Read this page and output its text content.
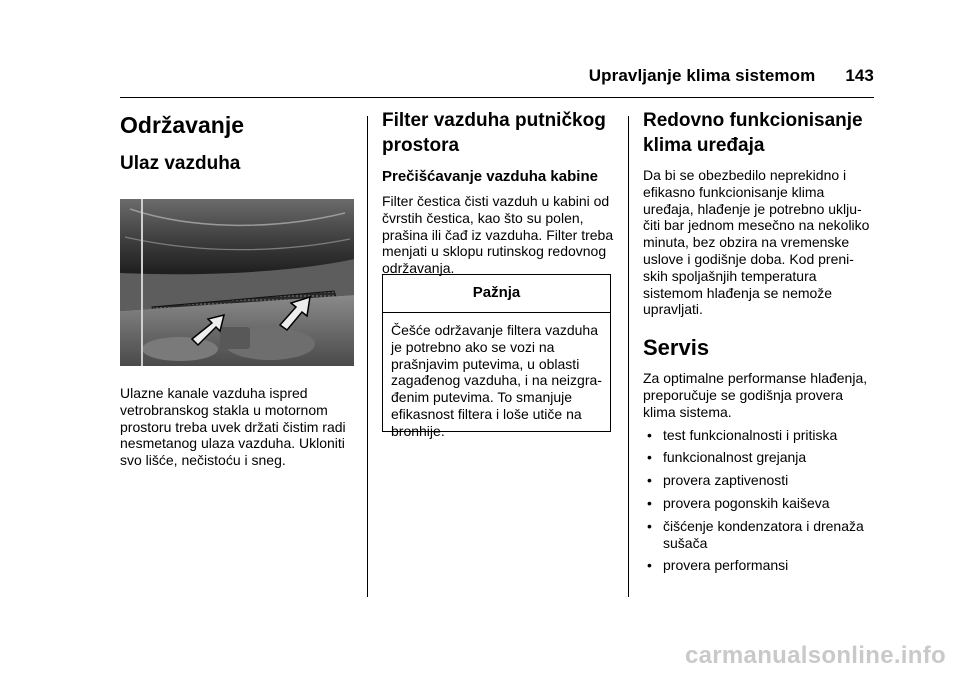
Upravljanje klima sistemom 143
Održavanje
Ulaz vazduha

Ulazne kanale vazduha ispred vetrobranskog stakla u motornom prostoru treba uvek držati čistim radi nesmetanog ulaza vazduha. Ukloniti svo lišće, nečistoću i sneg.

Filter vazduha putničkog
prostora
Prečišćavanje vazduha kabine

Filter čestica čisti vazduh u kabini od čvrstih čestica, kao što su polen, prašina ili čađ iz vazduha. Filter treba menjati u sklopu rutinskog redovnog održavanja.

Pažnja

Češće održavanje filtera vazduha je potrebno ako se vozi na prašnjavim putevima, u oblasti zagađenog vazduha, i na neizgra-đenim putevima. To smanjuje efikasnost filtera i loše utiče na bronhije.

Redovno funkcionisanje
klima uređaja

Da bi se obezbedilo neprekidno i efikasno funkcionisanje klima uređaja, hlađenje je potrebno uklju-čiti bar jednom mesečno na nekoliko minuta, bez obzira na vremenske uslove i godišnje doba. Kod preni-skih spoljašnjih temperatura sistemom hlađenja se nemože upravljati.

Servis

Za optimalne performanse hlađenja, preporučuje se godišnja provera klima sistema.

• test funkcionalnosti i pritiska
• funkcionalnost grejanja
• provera zaptivenosti
• provera pogonskih kaiševa
• čišćenje kondenzatora i drenaža sušača
• provera performansi
carmanualsonline.info
